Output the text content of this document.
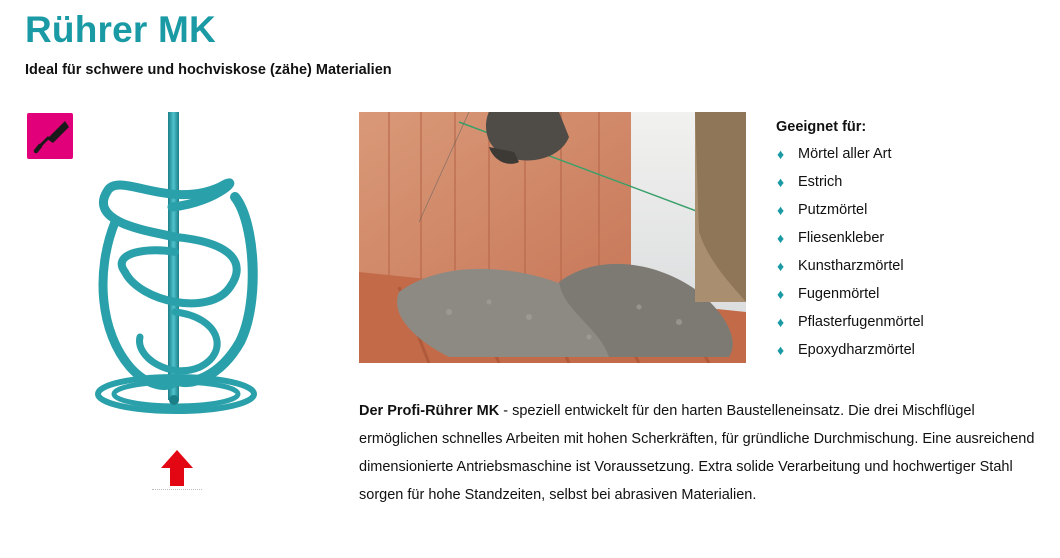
Rührer MK

Ideal für schwere und hochviskose (zähe) Materialien

Geeignet für:

♦ Mörtel aller Art
♦ Estrich
♦ Putzmörtel
♦ Fliesenkleber
♦ Kunstharzmörtel
♦ Fugenmörtel
♦ Pflasterfugenmörtel
♦ Epoxydharzmörtel

Der Profi-Rührer MK - speziell entwickelt für den harten Baustelleneinsatz. Die drei Mischflügel ermöglichen schnelles Arbeiten mit hohen Scherkräften, für gründliche Durchmischung. Eine ausreichend dimensionierte Antriebsmaschine ist Voraussetzung. Extra solide Verarbeitung und hochwertiger Stahl sorgen für hohe Standzeiten, selbst bei abrasiven Materialien.
